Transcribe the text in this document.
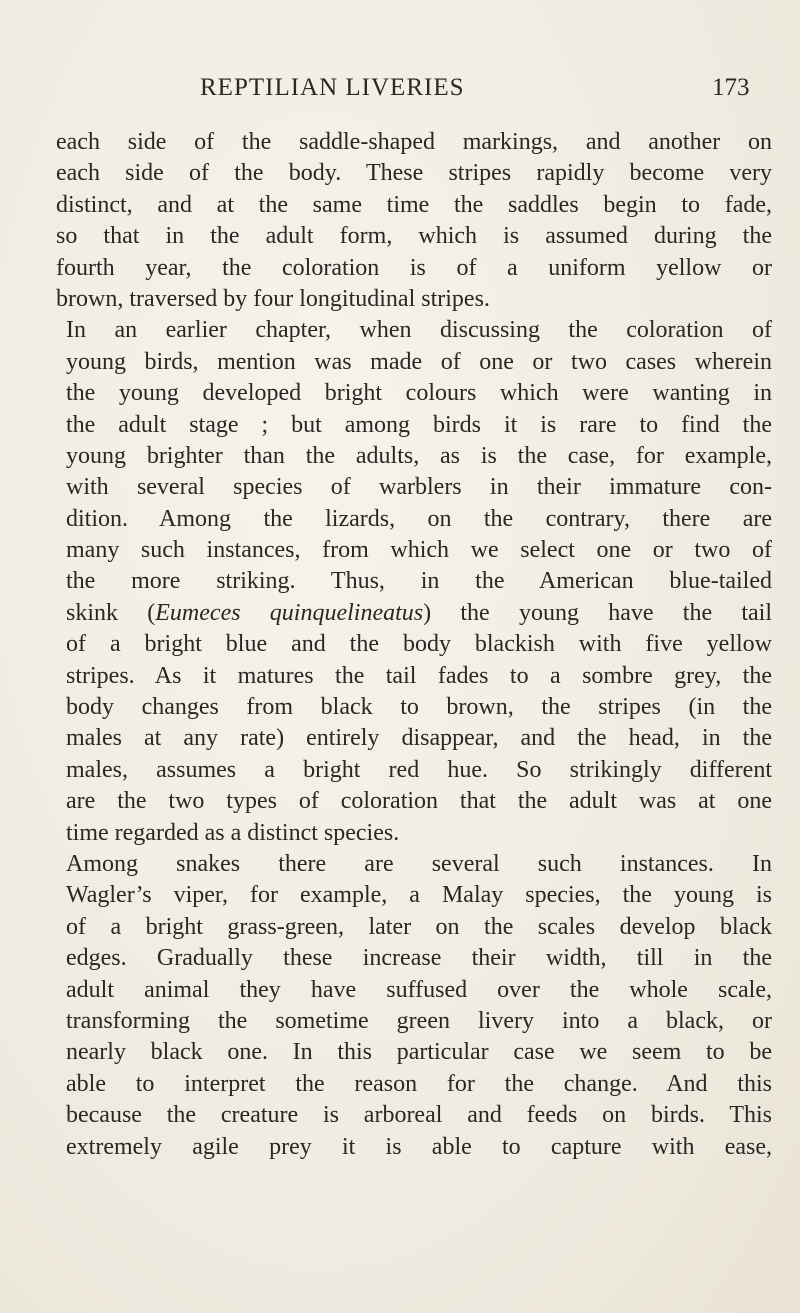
REPTILIAN LIVERIES	173
each side of the saddle-shaped markings, and another on
each side of the body. These stripes rapidly become very
distinct, and at the same time the saddles begin to fade,
so that in the adult form, which is assumed during the
fourth year, the coloration is of a uniform yellow or
brown, traversed by four longitudinal stripes.
In an earlier chapter, when discussing the coloration of
young birds, mention was made of one or two cases wherein
the young developed bright colours which were wanting in
the adult stage ; but among birds it is rare to find the
young brighter than the adults, as is the case, for example,
with several species of warblers in their immature con-
dition. Among the lizards, on the contrary, there are
many such instances, from which we select one or two of
the more striking. Thus, in the American blue-tailed
skink (Eumeces quinquelineatus) the young have the tail
of a bright blue and the body blackish with five yellow
stripes. As it matures the tail fades to a sombre grey, the
body changes from black to brown, the stripes (in the
males at any rate) entirely disappear, and the head, in the
males, assumes a bright red hue. So strikingly different
are the two types of coloration that the adult was at one
time regarded as a distinct species.
Among snakes there are several such instances. In
Wagler’s viper, for example, a Malay species, the young is
of a bright grass-green, later on the scales develop black
edges. Gradually these increase their width, till in the
adult animal they have suffused over the whole scale,
transforming the sometime green livery into a black, or
nearly black one. In this particular case we seem to be
able to interpret the reason for the change. And this
because the creature is arboreal and feeds on birds. This
extremely agile prey it is able to capture with ease,
